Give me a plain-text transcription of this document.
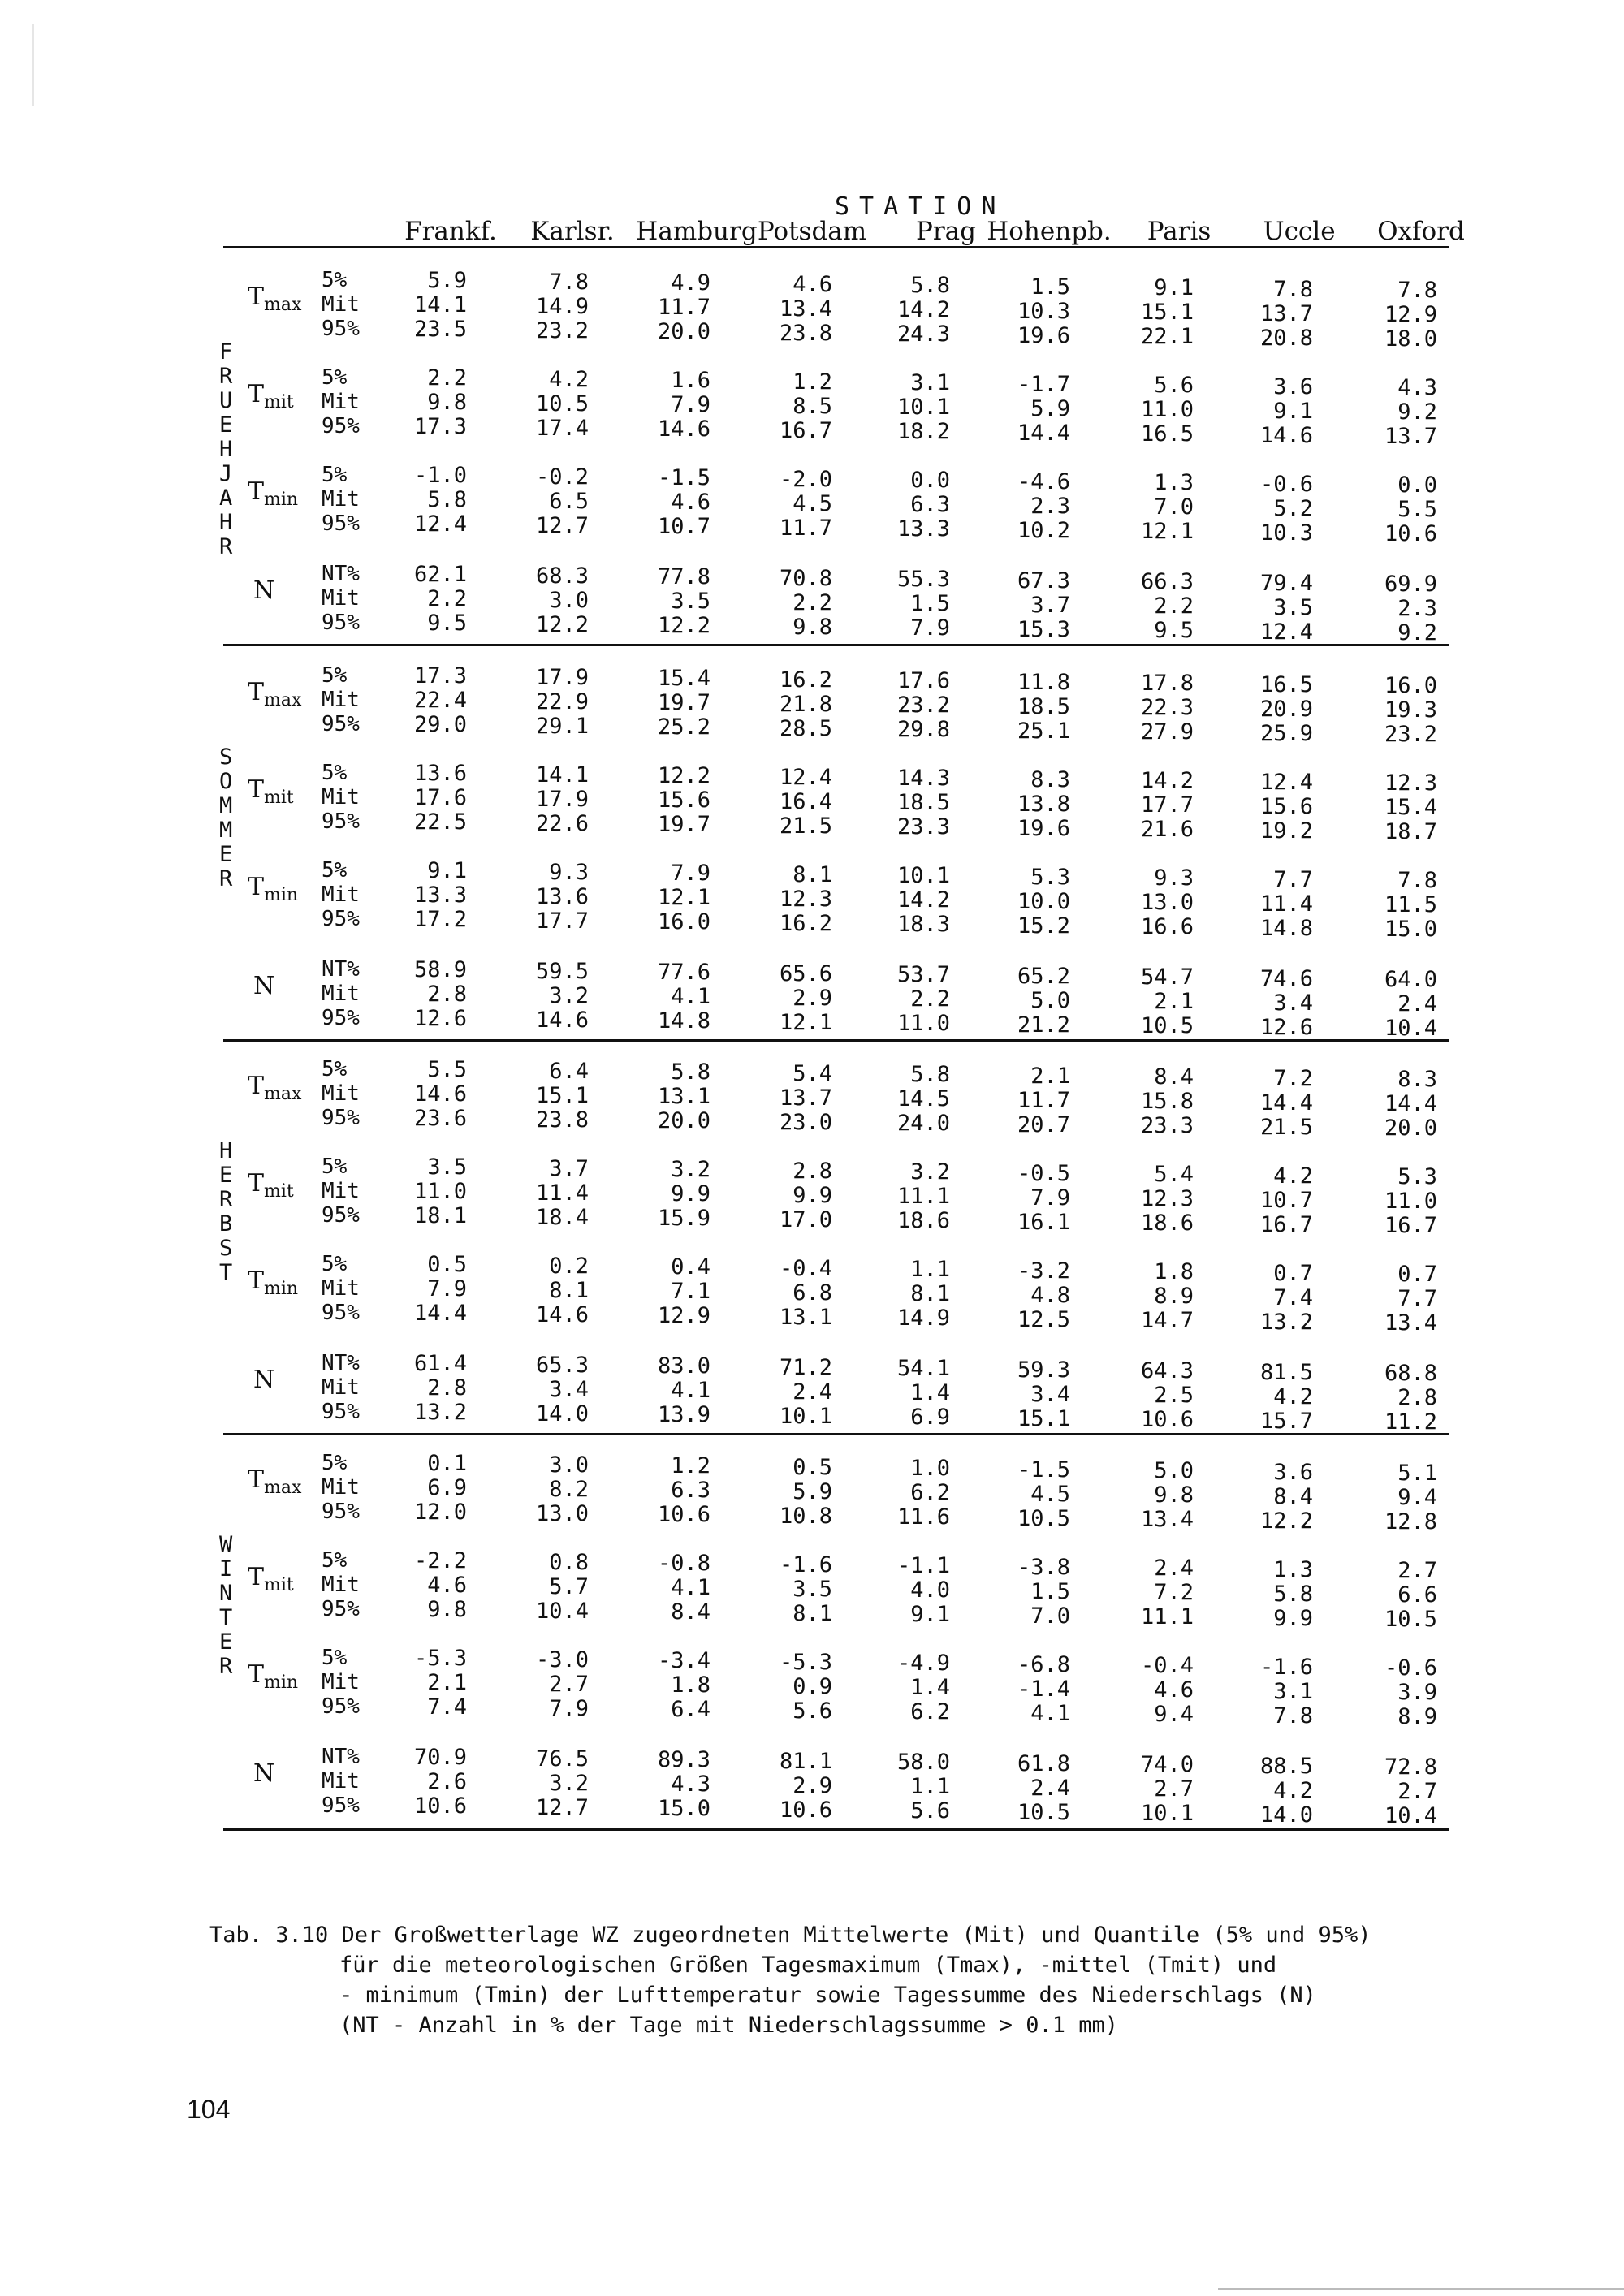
STATION
Frankf.	Karlsr. Hamburg Potsdam	Prag Hohenpb.	Paris	Uccle	Oxford
F
R
U
E
H
J
A
H
R
$T_{max}$
5%	5.9	7.8	4.9	4.6	5.8	1.5	9.1	7.8	7.8
Mit	14.1	14.9	11.7	13.4	14.2	10.3	15.1	13.7	12.9
95%	23.5	23.2	20.0	23.8	24.3	19.6	22.1	20.8	18.0
$T_{mit}$
5%	2.2	4.2	1.6	1.2	3.1	-1.7	5.6	3.6	4.3
Mit	9.8	10.5	7.9	8.5	10.1	5.9	11.0	9.1	9.2
95%	17.3	17.4	14.6	16.7	18.2	14.4	16.5	14.6	13.7
$T_{min}$
5%	-1.0	-0.2	-1.5	-2.0	0.0	-4.6	1.3	-0.6	0.0
Mit	5.8	6.5	4.6	4.5	6.3	2.3	7.0	5.2	5.5
95%	12.4	12.7	10.7	11.7	13.3	10.2	12.1	10.3	10.6
N
NT%	62.1	68.3	77.8	70.8	55.3	67.3	66.3	79.4	69.9
Mit	2.2	3.0	3.5	2.2	1.5	3.7	2.2	3.5	2.3
95%	9.5	12.2	12.2	9.8	7.9	15.3	9.5	12.4	9.2
S
O
M
M
E
R
$T_{max}$
5%	17.3	17.9	15.4	16.2	17.6	11.8	17.8	16.5	16.0
Mit	22.4	22.9	19.7	21.8	23.2	18.5	22.3	20.9	19.3
95%	29.0	29.1	25.2	28.5	29.8	25.1	27.9	25.9	23.2
$T_{mit}$
5%	13.6	14.1	12.2	12.4	14.3	8.3	14.2	12.4	12.3
Mit	17.6	17.9	15.6	16.4	18.5	13.8	17.7	15.6	15.4
95%	22.5	22.6	19.7	21.5	23.3	19.6	21.6	19.2	18.7
$T_{min}$
5%	9.1	9.3	7.9	8.1	10.1	5.3	9.3	7.7	7.8
Mit	13.3	13.6	12.1	12.3	14.2	10.0	13.0	11.4	11.5
95%	17.2	17.7	16.0	16.2	18.3	15.2	16.6	14.8	15.0
N
NT%	58.9	59.5	77.6	65.6	53.7	65.2	54.7	74.6	64.0
Mit	2.8	3.2	4.1	2.9	2.2	5.0	2.1	3.4	2.4
95%	12.6	14.6	14.8	12.1	11.0	21.2	10.5	12.6	10.4
H
E
R
B
S
T
$T_{max}$
5%	5.5	6.4	5.8	5.4	5.8	2.1	8.4	7.2	8.3
Mit	14.6	15.1	13.1	13.7	14.5	11.7	15.8	14.4	14.4
95%	23.6	23.8	20.0	23.0	24.0	20.7	23.3	21.5	20.0
$T_{mit}$
5%	3.5	3.7	3.2	2.8	3.2	-0.5	5.4	4.2	5.3
Mit	11.0	11.4	9.9	9.9	11.1	7.9	12.3	10.7	11.0
95%	18.1	18.4	15.9	17.0	18.6	16.1	18.6	16.7	16.7
$T_{min}$
5%	0.5	0.2	0.4	-0.4	1.1	-3.2	1.8	0.7	0.7
Mit	7.9	8.1	7.1	6.8	8.1	4.8	8.9	7.4	7.7
95%	14.4	14.6	12.9	13.1	14.9	12.5	14.7	13.2	13.4
N
NT%	61.4	65.3	83.0	71.2	54.1	59.3	64.3	81.5	68.8
Mit	2.8	3.4	4.1	2.4	1.4	3.4	2.5	4.2	2.8
95%	13.2	14.0	13.9	10.1	6.9	15.1	10.6	15.7	11.2
W
I
N
T
E
R
$T_{max}$
5%	0.1	3.0	1.2	0.5	1.0	-1.5	5.0	3.6	5.1
Mit	6.9	8.2	6.3	5.9	6.2	4.5	9.8	8.4	9.4
95%	12.0	13.0	10.6	10.8	11.6	10.5	13.4	12.2	12.8
$T_{mit}$
5%	-2.2	0.8	-0.8	-1.6	-1.1	-3.8	2.4	1.3	2.7
Mit	4.6	5.7	4.1	3.5	4.0	1.5	7.2	5.8	6.6
95%	9.8	10.4	8.4	8.1	9.1	7.0	11.1	9.9	10.5
$T_{min}$
5%	-5.3	-3.0	-3.4	-5.3	-4.9	-6.8	-0.4	-1.6	-0.6
Mit	2.1	2.7	1.8	0.9	1.4	-1.4	4.6	3.1	3.9
95%	7.4	7.9	6.4	5.6	6.2	4.1	9.4	7.8	8.9
N
NT%	70.9	76.5	89.3	81.1	58.0	61.8	74.0	88.5	72.8
Mit	2.6	3.2	4.3	2.9	1.1	2.4	2.7	4.2	2.7
95%	10.6	12.7	15.0	10.6	5.6	10.5	10.1	14.0	10.4
Tab. 3.10 Der Großwetterlage WZ zugeordneten Mittelwerte (Mit) und Quantile (5% und 95%)
für die meteorologischen Größen Tagesmaximum (Tmax), -mittel (Tmit) und
- minimum (Tmin) der Lufttemperatur sowie Tagessumme des Niederschlags (N)
(NT - Anzahl in % der Tage mit Niederschlagssumme > 0.1 mm)
104
